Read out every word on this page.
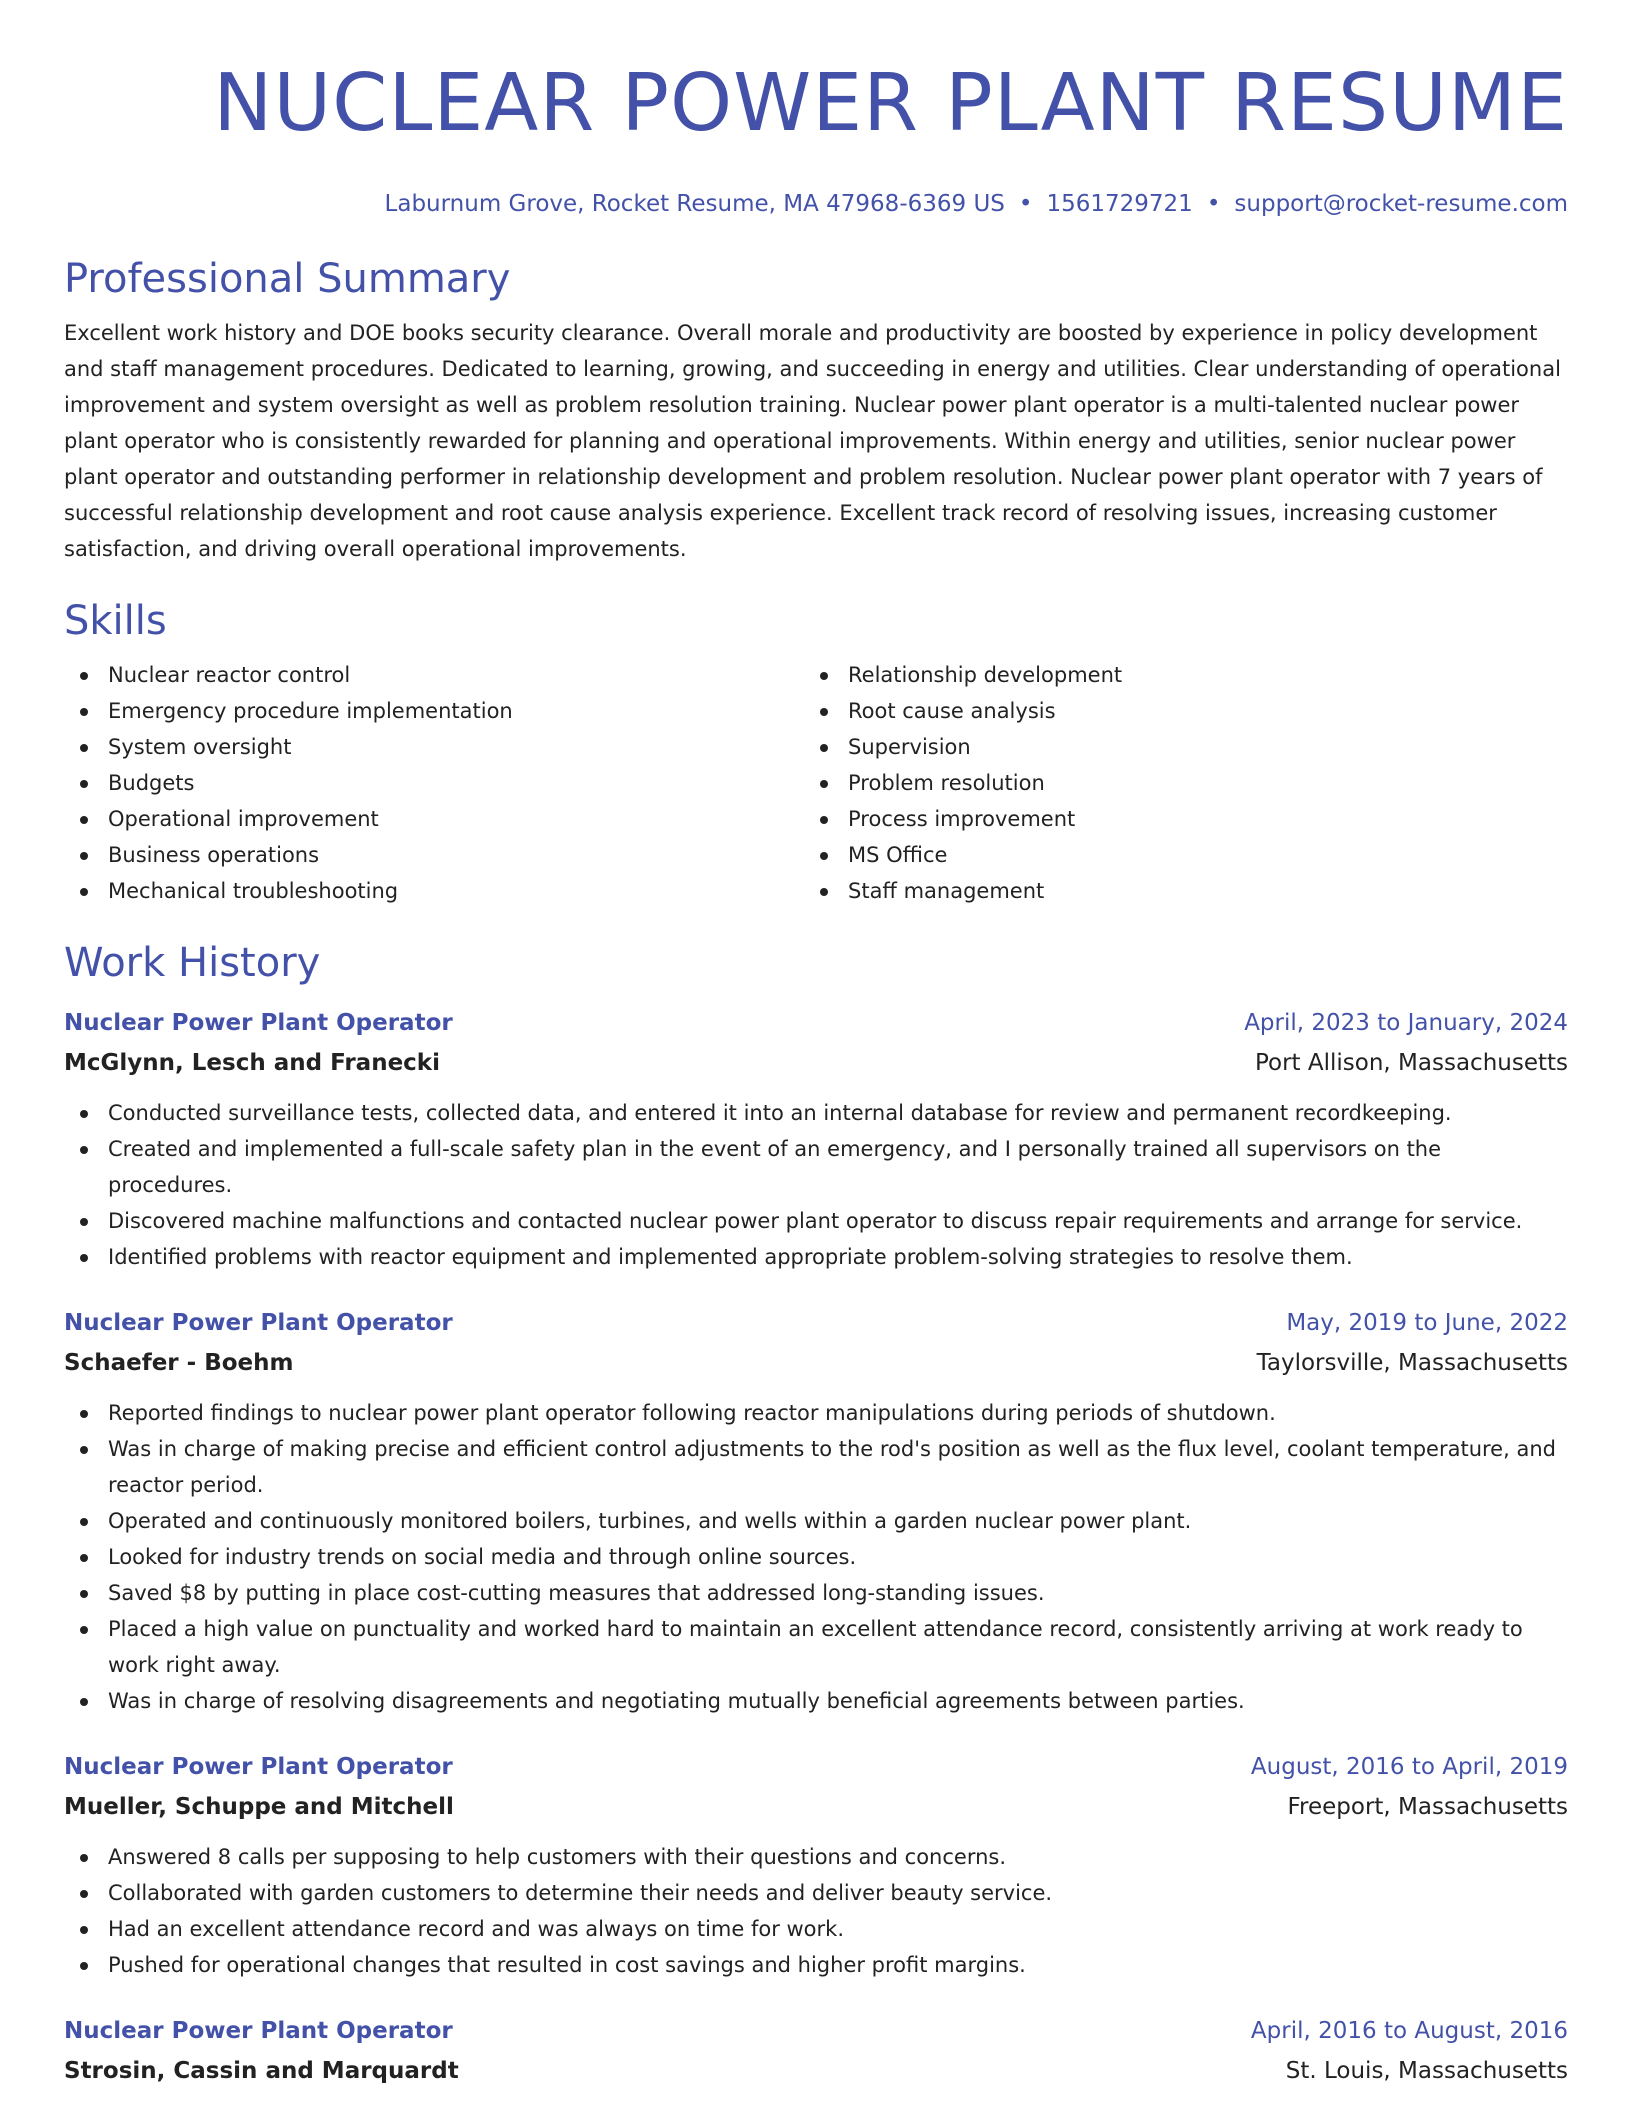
NUCLEAR POWER PLANT RESUME
Laburnum Grove, Rocket Resume, MA 47968-6369 US • 1561729721 • support@rocket-resume.com
Professional Summary
Excellent work history and DOE books security clearance. Overall morale and productivity are boosted by experience in policy development and staff management procedures. Dedicated to learning, growing, and succeeding in energy and utilities. Clear understanding of operational improvement and system oversight as well as problem resolution training. Nuclear power plant operator is a multi-talented nuclear power plant operator who is consistently rewarded for planning and operational improvements. Within energy and utilities, senior nuclear power plant operator and outstanding performer in relationship development and problem resolution. Nuclear power plant operator with 7 years of successful relationship development and root cause analysis experience. Excellent track record of resolving issues, increasing customer satisfaction, and driving overall operational improvements.
Skills
Nuclear reactor control
Emergency procedure implementation
System oversight
Budgets
Operational improvement
Business operations
Mechanical troubleshooting
Relationship development
Root cause analysis
Supervision
Problem resolution
Process improvement
MS Office
Staff management
Work History
Nuclear Power Plant Operator	April, 2023 to January, 2024
McGlynn, Lesch and Franecki	Port Allison, Massachusetts
Conducted surveillance tests, collected data, and entered it into an internal database for review and permanent recordkeeping.
Created and implemented a full-scale safety plan in the event of an emergency, and I personally trained all supervisors on the procedures.
Discovered machine malfunctions and contacted nuclear power plant operator to discuss repair requirements and arrange for service.
Identified problems with reactor equipment and implemented appropriate problem-solving strategies to resolve them.
Nuclear Power Plant Operator	May, 2019 to June, 2022
Schaefer - Boehm	Taylorsville, Massachusetts
Reported findings to nuclear power plant operator following reactor manipulations during periods of shutdown.
Was in charge of making precise and efficient control adjustments to the rod's position as well as the flux level, coolant temperature, and reactor period.
Operated and continuously monitored boilers, turbines, and wells within a garden nuclear power plant.
Looked for industry trends on social media and through online sources.
Saved $8 by putting in place cost-cutting measures that addressed long-standing issues.
Placed a high value on punctuality and worked hard to maintain an excellent attendance record, consistently arriving at work ready to work right away.
Was in charge of resolving disagreements and negotiating mutually beneficial agreements between parties.
Nuclear Power Plant Operator	August, 2016 to April, 2019
Mueller, Schuppe and Mitchell	Freeport, Massachusetts
Answered 8 calls per supposing to help customers with their questions and concerns.
Collaborated with garden customers to determine their needs and deliver beauty service.
Had an excellent attendance record and was always on time for work.
Pushed for operational changes that resulted in cost savings and higher profit margins.
Nuclear Power Plant Operator	April, 2016 to August, 2016
Strosin, Cassin and Marquardt	St. Louis, Massachusetts
